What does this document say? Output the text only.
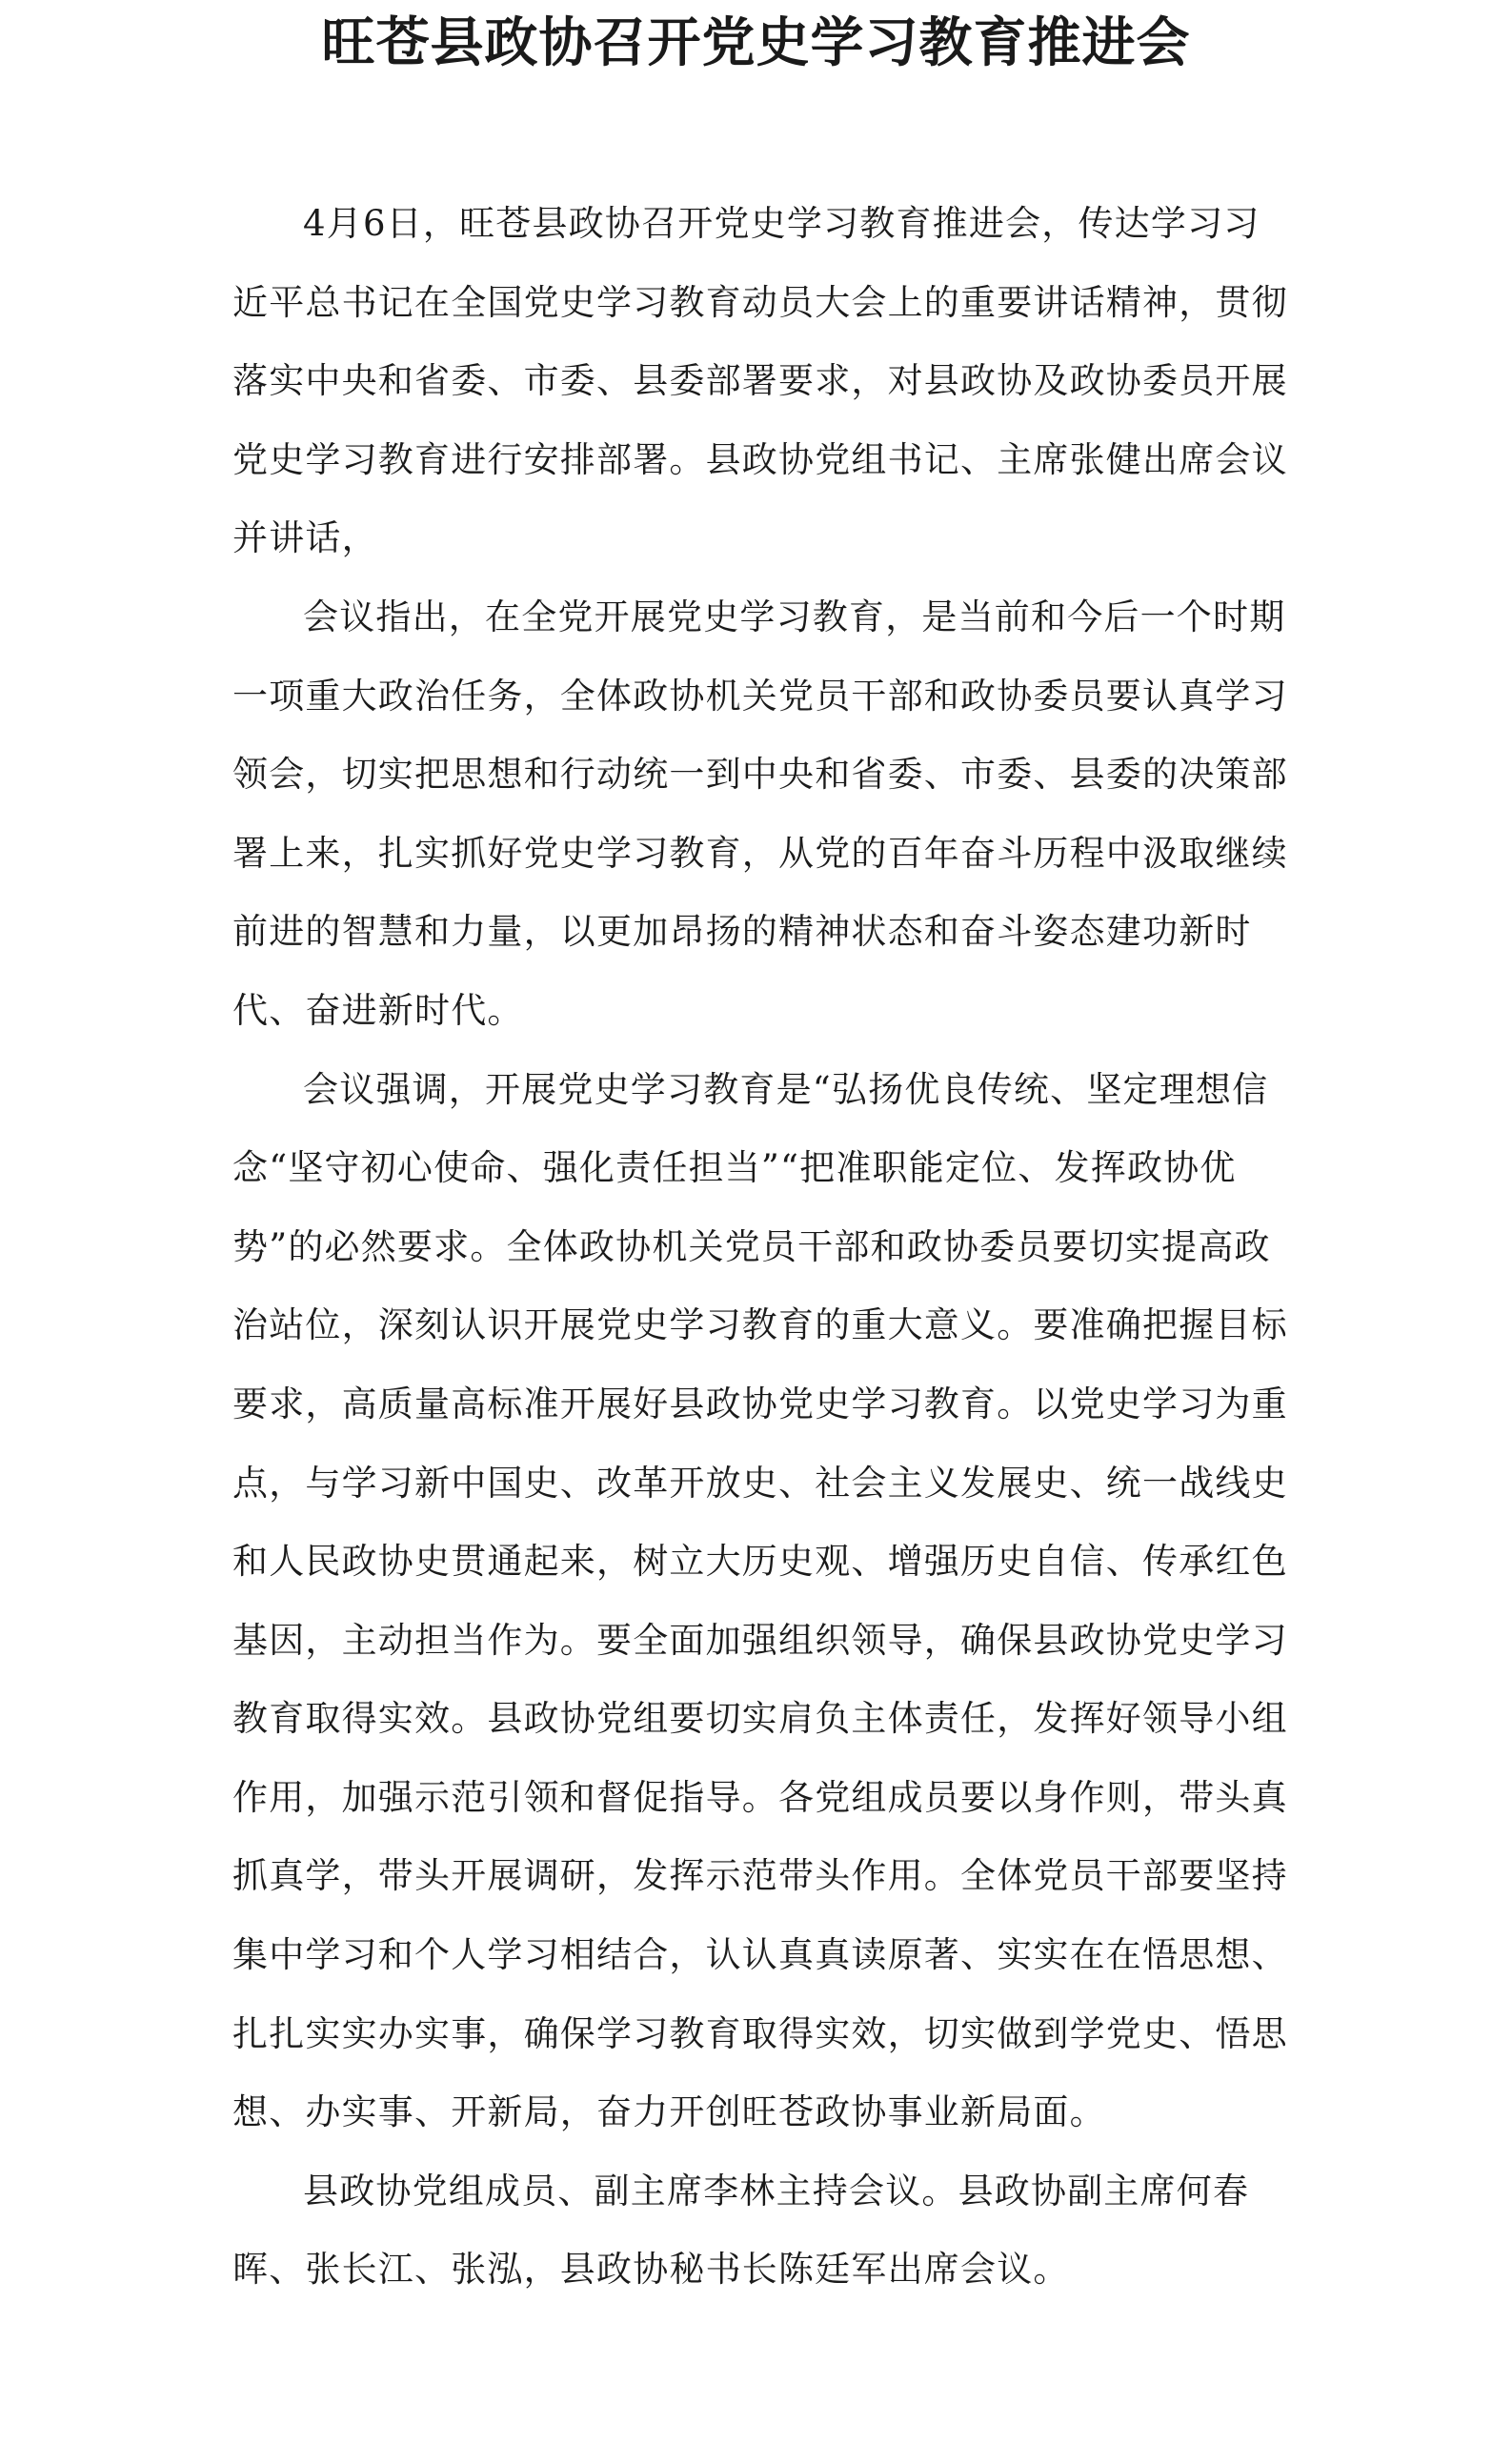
旺苍县政协召开党史学习教育推进会

4月6日，旺苍县政协召开党史学习教育推进会，传达学习习近平总书记在全国党史学习教育动员大会上的重要讲话精神，贯彻落实中央和省委、市委、县委部署要求，对县政协及政协委员开展党史学习教育进行安排部署。县政协党组书记、主席张健出席会议并讲话，

会议指出，在全党开展党史学习教育，是当前和今后一个时期一项重大政治任务，全体政协机关党员干部和政协委员要认真学习领会，切实把思想和行动统一到中央和省委、市委、县委的决策部署上来，扎实抓好党史学习教育，从党的百年奋斗历程中汲取继续前进的智慧和力量，以更加昂扬的精神状态和奋斗姿态建功新时代、奋进新时代。

会议强调，开展党史学习教育是“弘扬优良传统、坚定理想信念“坚守初心使命、强化责任担当”“把准职能定位、发挥政协优势”的必然要求。全体政协机关党员干部和政协委员要切实提高政治站位，深刻认识开展党史学习教育的重大意义。要准确把握目标要求，高质量高标准开展好县政协党史学习教育。以党史学习为重点，与学习新中国史、改革开放史、社会主义发展史、统一战线史和人民政协史贯通起来，树立大历史观、增强历史自信、传承红色基因，主动担当作为。要全面加强组织领导，确保县政协党史学习教育取得实效。县政协党组要切实肩负主体责任，发挥好领导小组作用，加强示范引领和督促指导。各党组成员要以身作则，带头真抓真学，带头开展调研，发挥示范带头作用。全体党员干部要坚持集中学习和个人学习相结合，认认真真读原著、实实在在悟思想、扎扎实实办实事，确保学习教育取得实效，切实做到学党史、悟思想、办实事、开新局，奋力开创旺苍政协事业新局面。

县政协党组成员、副主席李林主持会议。县政协副主席何春晖、张长江、张泓，县政协秘书长陈廷军出席会议。
